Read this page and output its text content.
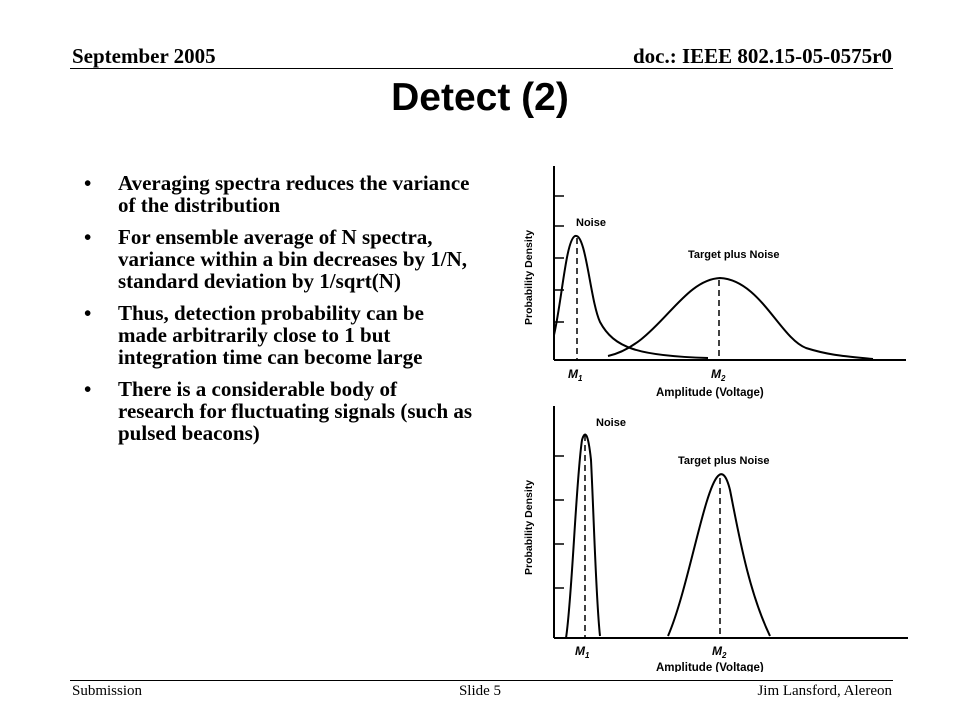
September 2005	doc.: IEEE 802.15-05-0575r0
Detect (2)
• Averaging spectra reduces the variance of the distribution
• For ensemble average of N spectra, variance within a bin decreases by 1/N, standard deviation by 1/sqrt(N)
• Thus, detection probability can be made arbitrarily close to 1 but integration time can become large
• There is a considerable body of research for fluctuating signals (such as pulsed beacons)
Probability Density
Noise
Target plus Noise
$M_1$	$M_2$
Amplitude (Voltage)
Probability Density
Noise
Target plus Noise
$M_1$	$M_2$
Amplitude (Voltage)
Submission	Slide 5	Jim Lansford, Alereon
